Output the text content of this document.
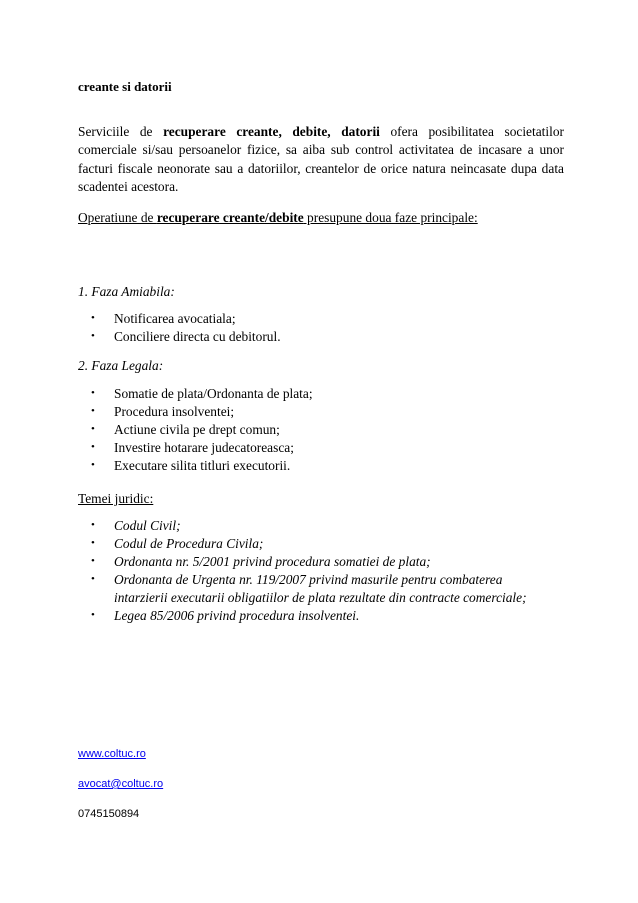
creante si datorii

Serviciile de recuperare creante, debite, datorii ofera posibilitatea societatilor comerciale si/sau persoanelor fizice, sa aiba sub control activitatea de incasare a unor facturi fiscale neonorate sau a datoriilor, creantelor de orice natura neincasate dupa data scadentei acestora.

Operatiune de recuperare creante/debite presupune doua faze principale:
1. Faza Amiabila:
• Notificarea avocatiala;
• Conciliere directa cu debitorul.
2. Faza Legala:
• Somatie de plata/Ordonanta de plata;
• Procedura insolventei;
• Actiune civila pe drept comun;
• Investire hotarare judecatoreasca;
• Executare silita titluri executorii.
Temei juridic:
• Codul Civil;
• Codul de Procedura Civila;
• Ordonanta nr. 5/2001 privind procedura somatiei de plata;
• Ordonanta de Urgenta nr. 119/2007 privind masurile pentru combaterea intarzierii executarii obligatiilor de plata rezultate din contracte comerciale;
• Legea 85/2006 privind procedura insolventei.
www.coltuc.ro
avocat@coltuc.ro
0745150894
